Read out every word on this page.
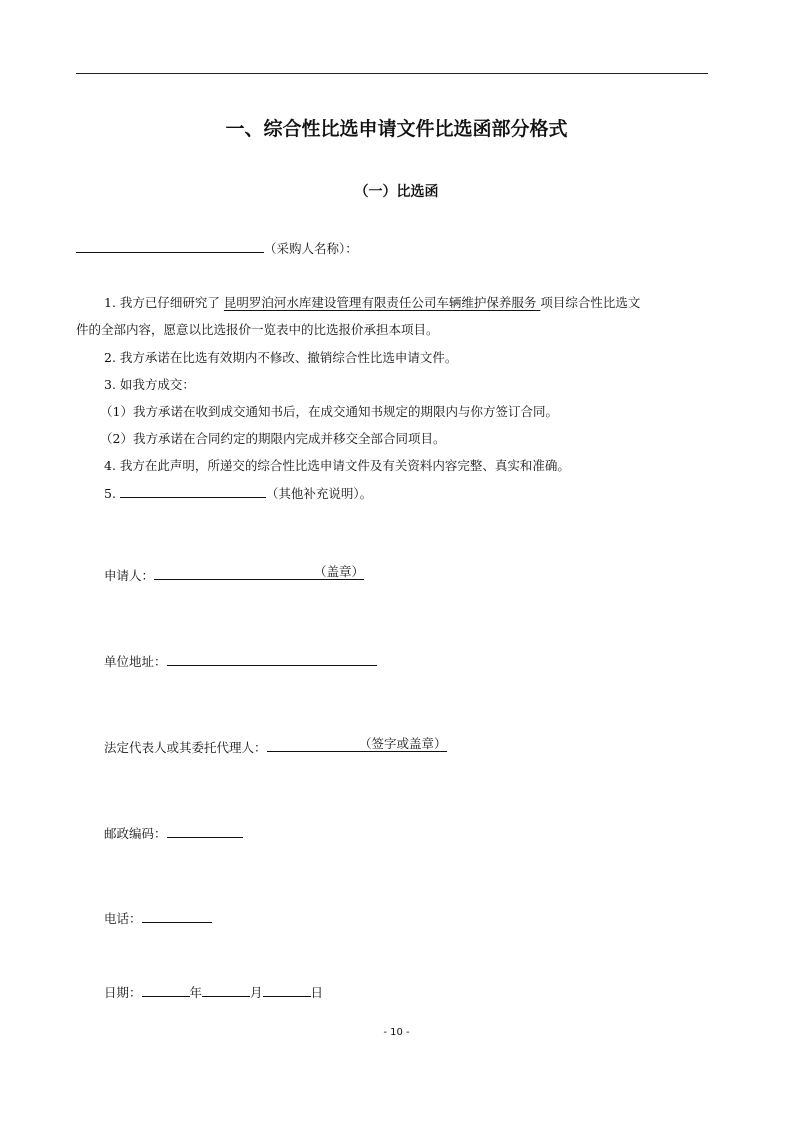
一、综合性比选申请文件比选函部分格式
（一）比选函
（采购人名称）：
1. 我方已仔细研究了 昆明罗泊河水库建设管理有限责任公司车辆维护保养服务 项目综合性比选文
件的全部内容，愿意以比选报价一览表中的比选报价承担本项目。
2. 我方承诺在比选有效期内不修改、撤销综合性比选申请文件。
3. 如我方成交：
（1）我方承诺在收到成交通知书后，在成交通知书规定的期限内与你方签订合同。
（2）我方承诺在合同约定的期限内完成并移交全部合同项目。
4. 我方在此声明，所递交的综合性比选申请文件及有关资料内容完整、真实和准确。
5.	（其他补充说明）。
申请人：	（盖章）
单位地址：
法定代表人或其委托代理人：	（签字或盖章）
邮政编码：
电话：
日期：	年	月	日
- 10 -
